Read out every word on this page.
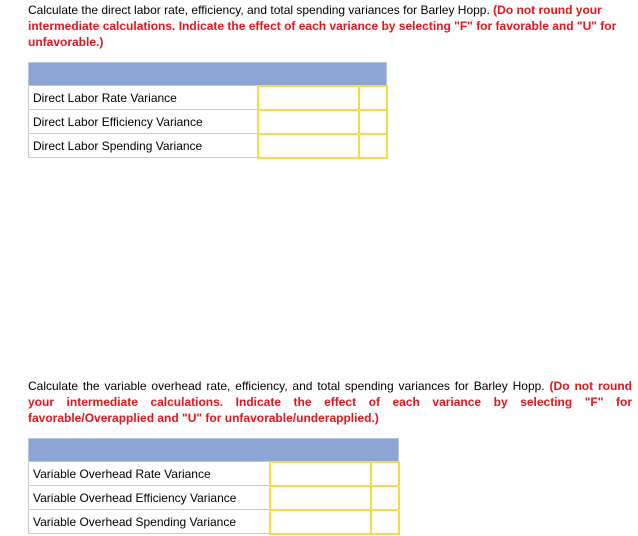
Calculate the direct labor rate, efficiency, and total spending variances for Barley Hopp. (Do not round your intermediate calculations. Indicate the effect of each variance by selecting "F" for favorable and "U" for unfavorable.)

Direct Labor Rate Variance		
Direct Labor Efficiency Variance		
Direct Labor Spending Variance		
Calculate the variable overhead rate, efficiency, and total spending variances for Barley Hopp. (Do not round your intermediate calculations. Indicate the effect of each variance by selecting "F" for favorable/Overapplied and "U" for unfavorable/underapplied.)

Variable Overhead Rate Variance		
Variable Overhead Efficiency Variance		
Variable Overhead Spending Variance		
